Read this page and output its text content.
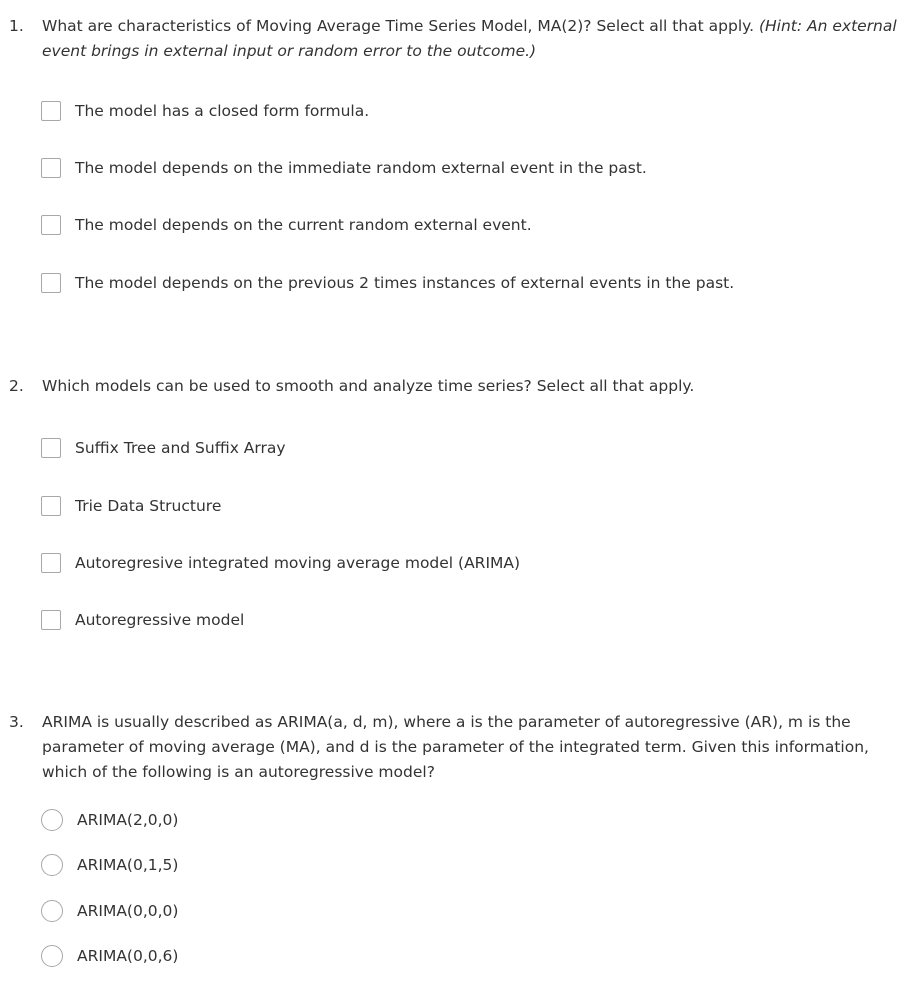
1. What are characteristics of Moving Average Time Series Model, MA(2)? Select all that apply. (Hint: An external event brings in external input or random error to the outcome.)
The model has a closed form formula.
The model depends on the immediate random external event in the past.
The model depends on the current random external event.
The model depends on the previous 2 times instances of external events in the past.
2. Which models can be used to smooth and analyze time series? Select all that apply.
Suffix Tree and Suffix Array
Trie Data Structure
Autoregresive integrated moving average model (ARIMA)
Autoregressive model
3. ARIMA is usually described as ARIMA(a, d, m), where a is the parameter of autoregressive (AR), m is the parameter of moving average (MA), and d is the parameter of the integrated term. Given this information, which of the following is an autoregressive model?
ARIMA(2,0,0)
ARIMA(0,1,5)
ARIMA(0,0,0)
ARIMA(0,0,6)
